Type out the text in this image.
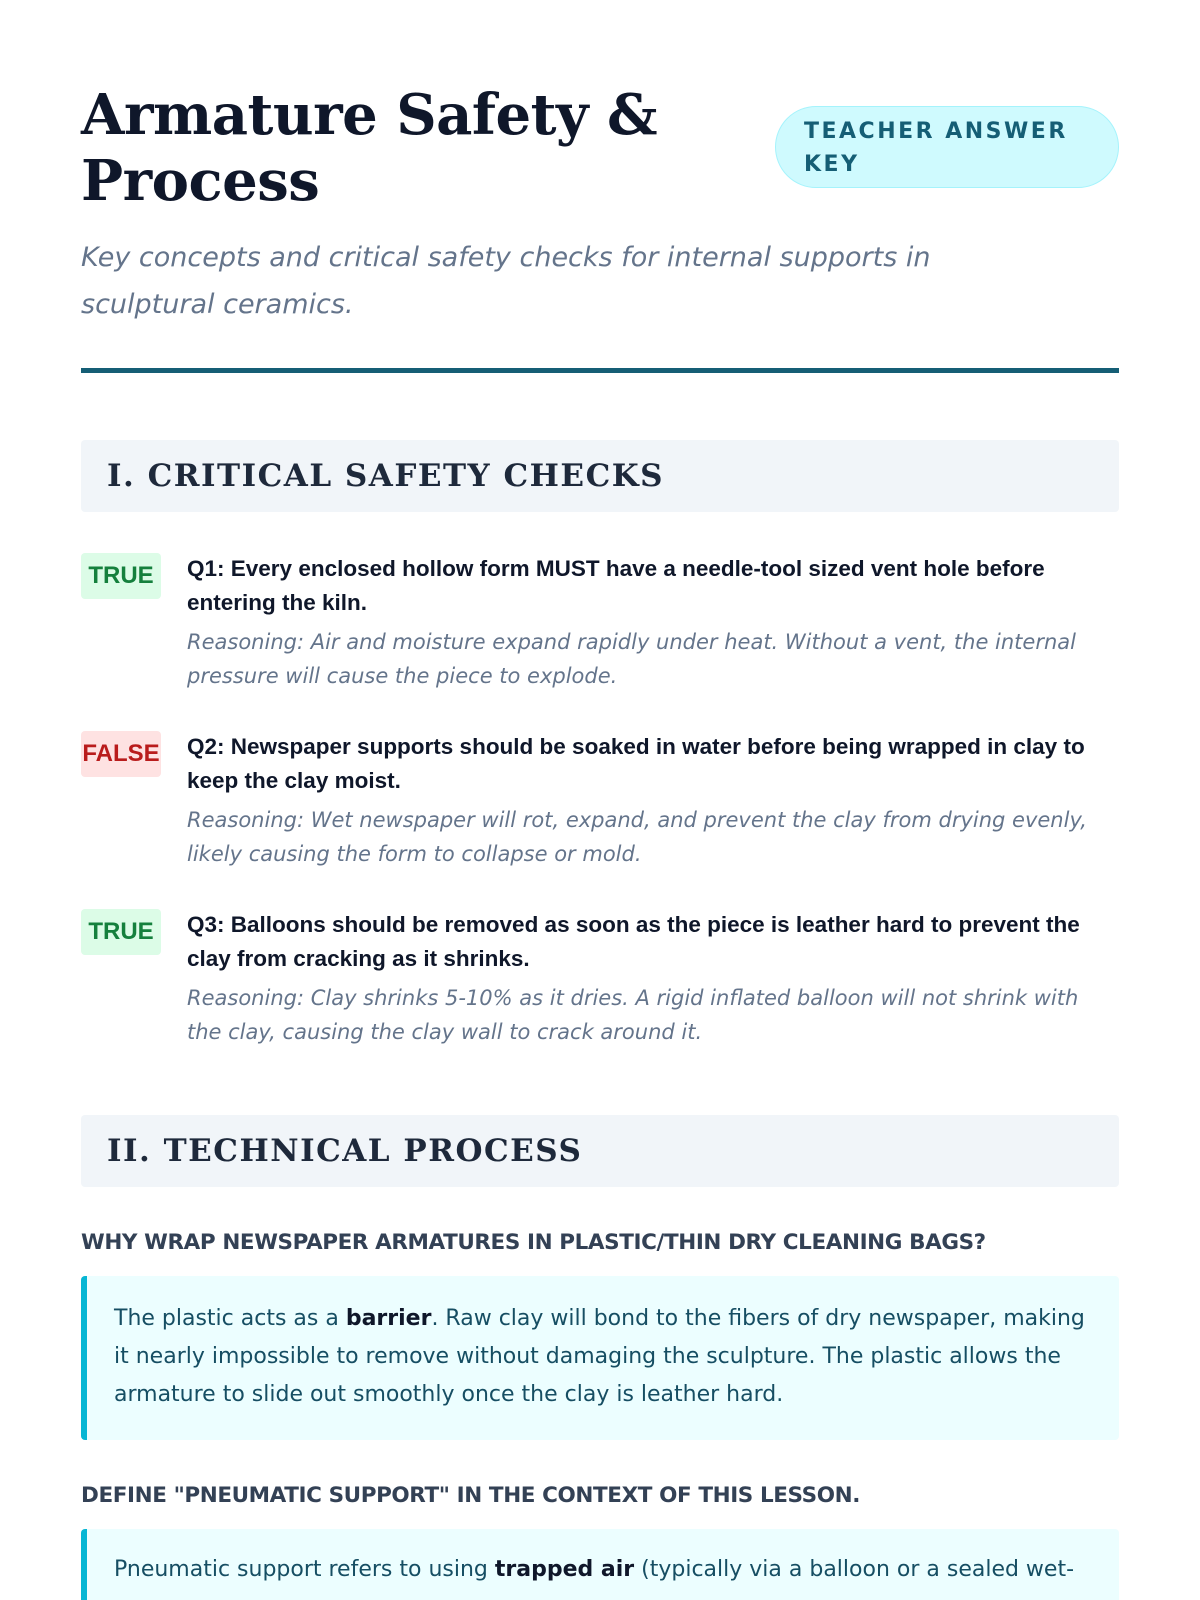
Armature Safety & Process
TEACHER ANSWER KEY

Key concepts and critical safety checks for internal supports in sculptural ceramics.

I. CRITICAL SAFETY CHECKS
TRUE	Q1: Every enclosed hollow form MUST have a needle-tool sized vent hole before entering the kiln.

Reasoning: Air and moisture expand rapidly under heat. Without a vent, the internal pressure will cause the piece to explode.

FALSE Q2: Newspaper supports should be soaked in water before being wrapped in clay to keep the clay moist.

Reasoning: Wet newspaper will rot, expand, and prevent the clay from drying evenly, likely causing the form to collapse or mold.

TRUE	Q3: Balloons should be removed as soon as the piece is leather hard to prevent the clay from cracking as it shrinks.

Reasoning: Clay shrinks 5-10% as it dries. A rigid inflated balloon will not shrink with the clay, causing the clay wall to crack around it.

II. TECHNICAL PROCESS
WHY WRAP NEWSPAPER ARMATURES IN PLASTIC/THIN DRY CLEANING BAGS?
The plastic acts as a barrier. Raw clay will bond to the fibers of dry newspaper, making it nearly impossible to remove without damaging the sculpture. The plastic allows the armature to slide out smoothly once the clay is leather hard.
DEFINE "PNEUMATIC SUPPORT" IN THE CONTEXT OF THIS LESSON.
Pneumatic support refers to using trapped air (typically via a balloon or a sealed wet-
